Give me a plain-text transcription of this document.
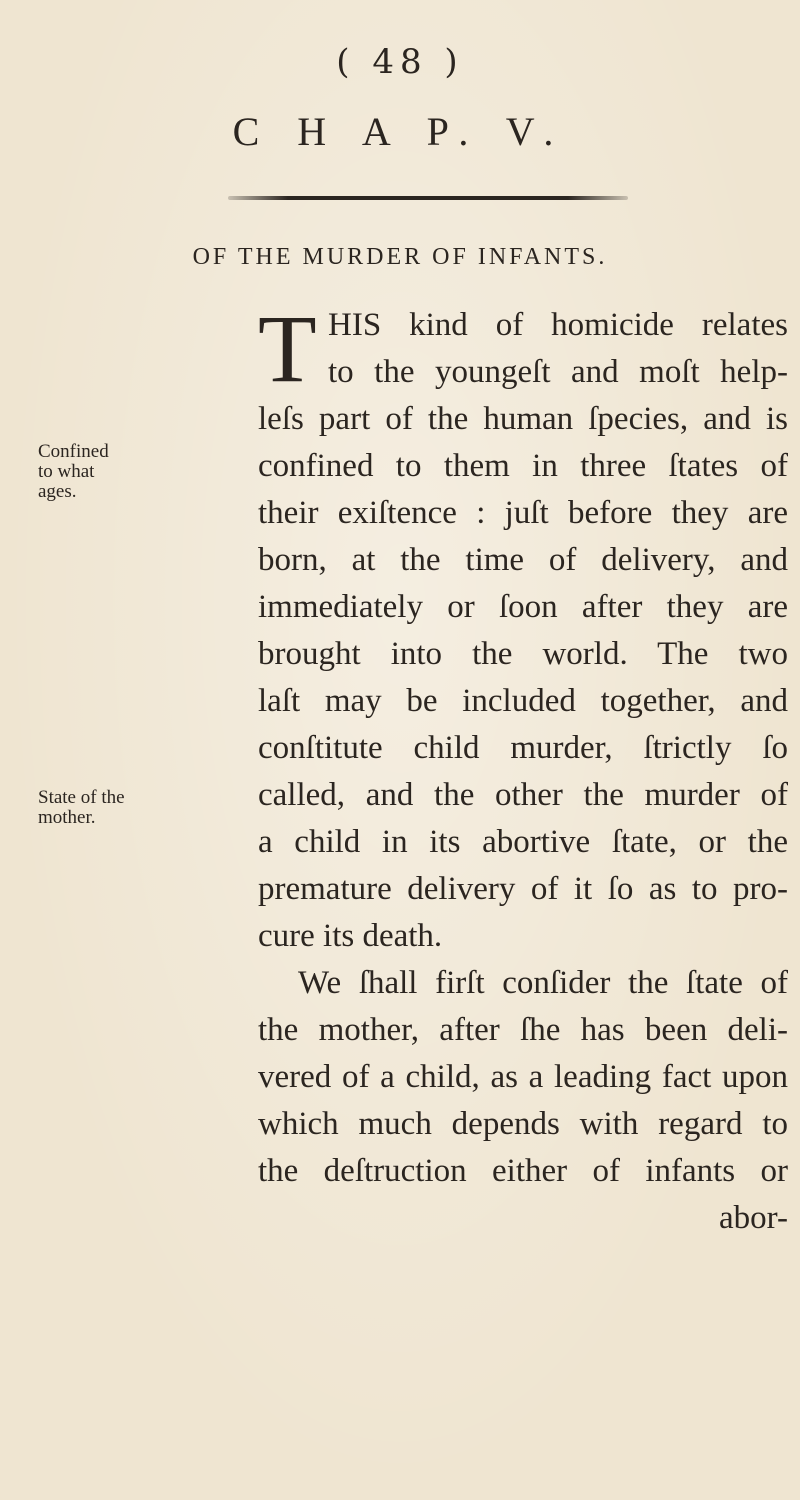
( 48 )
C H A P. V.
OF THE MURDER OF INFANTS.
Confined
to what
ages.
State of the
mother.
T HIS kind of homicide relates
to the youngeſt and moſt help-
leſs part of the human ſpecies, and is
confined to them in three ſtates of
their exiſtence : juſt before they are
born, at the time of delivery, and
immediately or ſoon after they are
brought into the world. The two
laſt may be included together, and
conſtitute child murder, ſtrictly ſo
called, and the other the murder of
a child in its abortive ſtate, or the
premature delivery of it ſo as to pro-
cure its death.
We ſhall firſt conſider the ſtate of
the mother, after ſhe has been deli-
vered of a child, as a leading fact upon
which much depends with regard to
the deſtruction either of infants or
abor-
